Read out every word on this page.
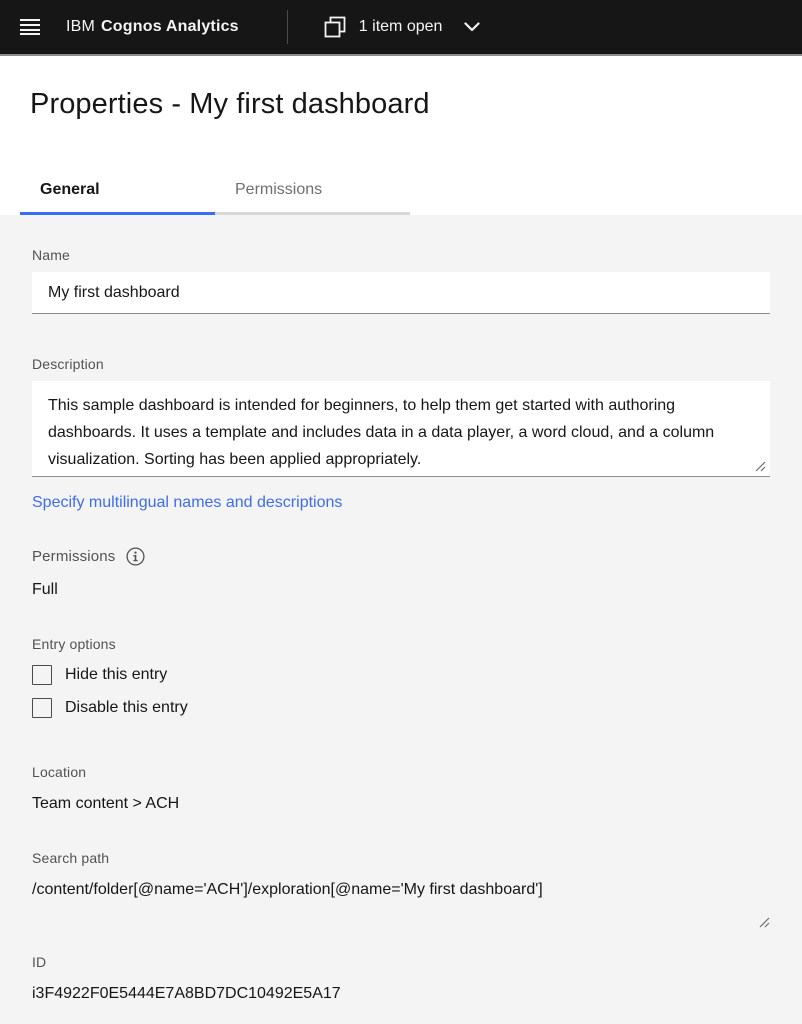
IBM Cognos Analytics	1 item open
Properties - My first dashboard
General	Permissions
Name
My first dashboard
Description
This sample dashboard is intended for beginners, to help them get started with authoring dashboards. It uses a template and includes data in a data player, a word cloud, and a column visualization. Sorting has been applied appropriately.
Specify multilingual names and descriptions
Permissions
Full
Entry options
Hide this entry
Disable this entry
Location
Team content > ACH
Search path
/content/folder[@name='ACH']/exploration[@name='My first dashboard']
ID
i3F4922F0E5444E7A8BD7DC10492E5A17
